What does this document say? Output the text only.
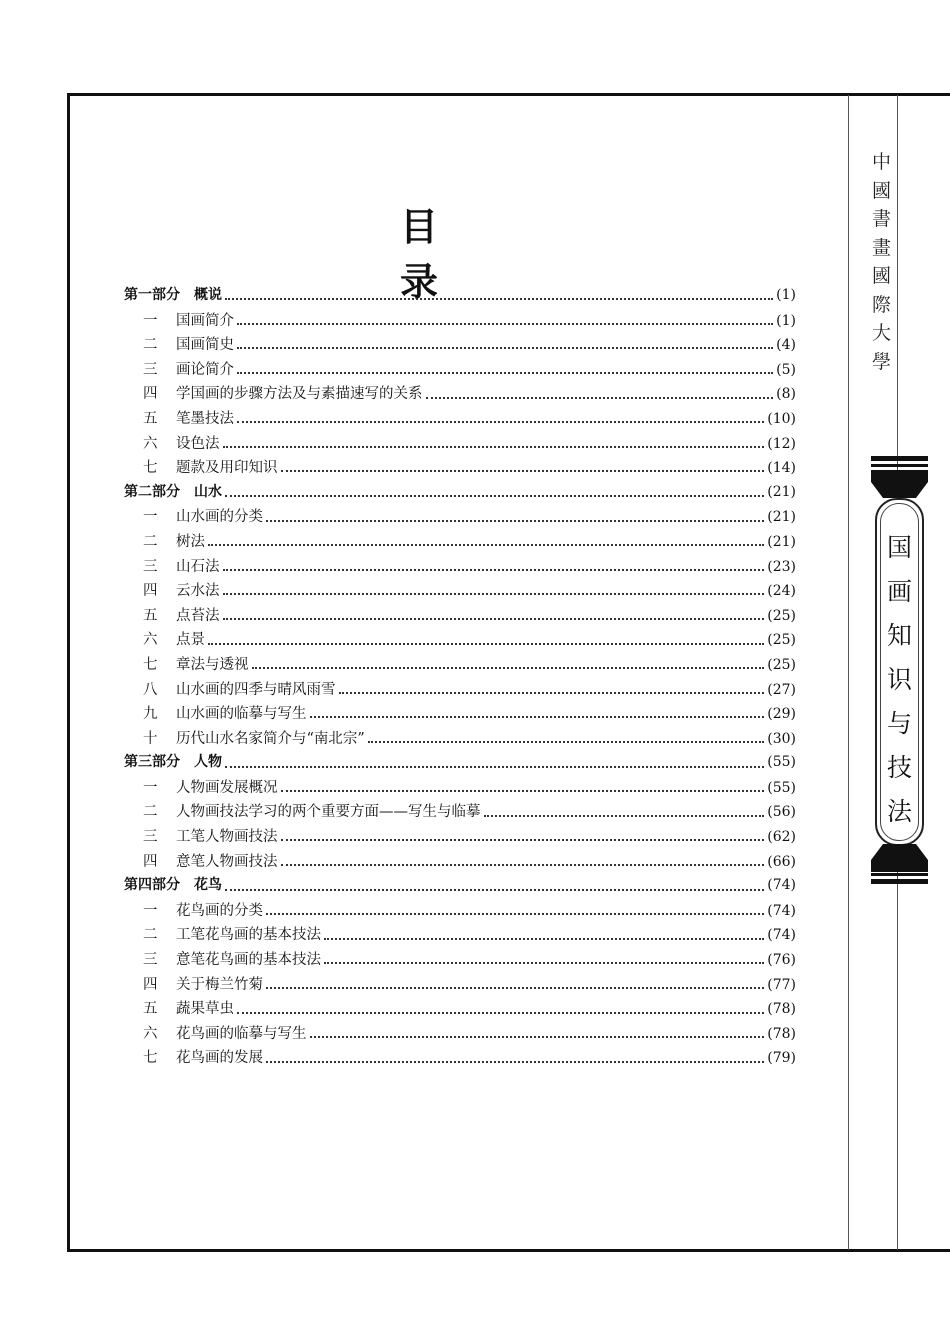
中
國
書
畫
國
際
大
學
国
画
知
识
与
技
法
目 录
第一部分 概说	(1)
一	国画简介	(1)
二	国画简史	(4)
三	画论简介	(5)
四	学国画的步骤方法及与素描速写的关系	(8)
五	笔墨技法	(10)
六	设色法	(12)
七	题款及用印知识	(14)
第二部分 山水	(21)
一	山水画的分类	(21)
二	树法	(21)
三	山石法	(23)
四	云水法	(24)
五	点苔法	(25)
六	点景	(25)
七	章法与透视	(25)
八	山水画的四季与晴风雨雪	(27)
九	山水画的临摹与写生	(29)
十	历代山水名家简介与“南北宗”	(30)
第三部分 人物	(55)
一	人物画发展概况	(55)
二	人物画技法学习的两个重要方面——写生与临摹	(56)
三	工笔人物画技法	(62)
四	意笔人物画技法	(66)
第四部分 花鸟	(74)
一	花鸟画的分类	(74)
二	工笔花鸟画的基本技法	(74)
三	意笔花鸟画的基本技法	(76)
四	关于梅兰竹菊	(77)
五	蔬果草虫	(78)
六	花鸟画的临摹与写生	(78)
七	花鸟画的发展	(79)
